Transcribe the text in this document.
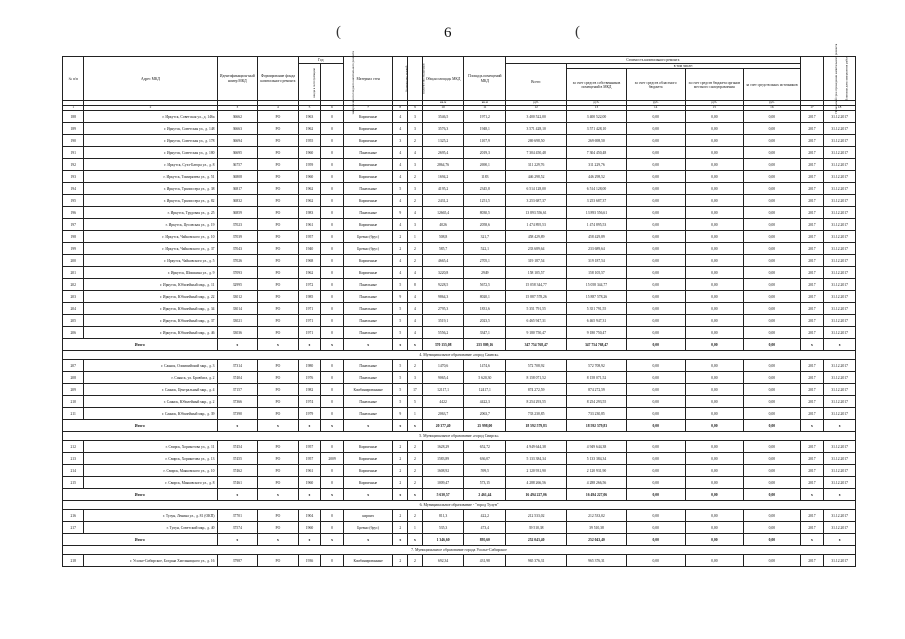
(	6	(
№ п/п	Адрес МКД	Идентификацион-ный номер МКД	Формирование фонда капитального ремонта	Год		Материал стен	Количество этажей	Количество подъездов	Общая площадь МКД	Площадь помещений МКД	Стоимость капитального ремонта					Начальный срок проведения капитального ремонта	Плановая дата завершения работ
				ввода в эксплуатацию	завершения последнего капитального ремонта						Всего:	в том числе:					
												за счет средств собственников помещений в МКД	за счет средств областного бюджета	за счет средств бюджета органов местного самоуправления	за счет средств иных источников		
									кв.м	кв.м	руб.	руб.	руб.	руб.	руб.		
1	2	3	4	5	6	7	8	9	10	11	12	13	14	15	16	17	18
188	г. Иркутск, Советская ул., д. 146а	36662	РО	1963	0	Кирпичные	4	3	3546,5	1971,2	3 400 522,00	3 400 522,00	0,00	0,00	0,00	2017	31.12.2017
189	г. Иркутск, Советская ул., д. 148	36663	РО	1962	0	Кирпичные	4	3	3576,3	1948,1	3 571 428,10	3 571 428,10	0,00	0,00	0,00	2017	31.12.2017
190	г. Иркутск, Советская ул., д. 178	36694	РО	1955	0	Кирпичные	3	2	1325,2	1107,9	269 698,50	269 698,50	0,00	0,00	0,00	2017	31.12.2017
191	г. Иркутск, Советская ул., д. 180	36695	РО	1960	0	Панельные	4	4	2695,4	2019,3	7 304 450,48	7 304 450,48	0,00	0,00	0,00	2017	31.12.2017
192	г. Иркутск, Сухэ-Батора ул., д. 8	36757	РО	1959	0	Кирпичные	4	3	2864,76	2690,1	311 229,76	311 229,76	0,00	0,00	0,00	2017	31.12.2017
193	г. Иркутск, Тимирязева ул., д. 51	36808	РО	1960	0	Кирпичные	4	2	1694,2	1183	446 298,52	446 298,52	0,00	0,00	0,00	2017	31.12.2017
194	г. Иркутск, Трилиссера ул., д. 38	36817	РО	1962	0	Панельные	5	3	4195,2	2345,8	6 514 128,00	6 514 128,00	0,00	0,00	0,00	2017	31.12.2017
195	г. Иркутск, Трилиссера ул., д. 82	36832	РО	1962	0	Кирпичные	4	2	2431,2	1251,5	3 253 687,37	3 253 687,37	0,00	0,00	0,00	2017	31.12.2017
196	г. Иркутск, Трудовая ул., д. 25	36859	РО	1983	0	Панельные	9	4	12665,4	8030,5	13 893 556,61	13 893 556,61	0,00	0,00	0,00	2017	31.12.2017
197	г. Иркутск, Цесовская ул., д. 19	37023	РО	1961	0	Кирпичные	4	3	4026	2058,6	1 474 895,53	1 474 895,53	0,00	0,00	0,00	2017	31.12.2017
198	г. Иркутск, Чайковского ул., д. 10	37039	РО	1957	0	Бревно (брус)	2	1	508,8	321,7	458 429,89	458 429,89	0,00	0,00	0,00	2017	31.12.2017
199	г. Иркутск, Чайковского ул., д. 37	37043	РО	1940	0	Бревно (брус)	2	2	585,7	522,1	233 689,64	233 689,64	0,00	0,00	0,00	2017	31.12.2017
200	г. Иркутск, Чайковского ул., д. 5	37026	РО	1968	0	Кирпичные	4	2	4665,4	2705,1	319 187,54	319 187,54	0,00	0,00	0,00	2017	31.12.2017
201	г. Иркутск, Шишкина ул., д. 9	37093	РО	1962	0	Кирпичные	4	4	3220,8	2949	158 105,57	158 105,57	0,00	0,00	0,00	2017	31.12.2017
202	г. Иркутск, Юбилейный мкр., д. 11	32995	РО	1972	0	Панельные	5	8	9228,5	5672,5	15 058 344,77	15 058 344,77	0,00	0,00	0,00	2017	31.12.2017
203	г. Иркутск, Юбилейный мкр., д. 22	33012	РО	1985	0	Панельные	9	4	9864,3	8020,1	15 887 578,26	15 887 578,26	0,00	0,00	0,00	2017	31.12.2017
204	г. Иркутск, Юбилейный мкр., д. 34	33014	РО	1971	0	Панельные	5	4	2795,3	1831,6	5 351 791,55	5 351 791,55	0,00	0,00	0,00	2017	31.12.2017
205	г. Иркутск, Юбилейный мкр., д. 37	33021	РО	1971	0	Панельные	5	4	3519,1	2023,5	6 465 947,31	6 465 947,31	0,00	0,00	0,00	2017	31.12.2017
206	г. Иркутск, Юбилейный мкр., д. 46	33036	РО	1971	0	Панельные	5	4	5556,2	3347,1	9 180 750,47	9 180 750,47	0,00	0,00	0,00	2017	31.12.2017
Итого		x	x	x	x	x	x	x	370 155,08	255 809,16	347 754 768,47	347 754 768,47	0,00	0,00	0,00	x	x
4. Муниципальное образование «город Саянск»																	
207	г. Саянск, Олимпийский мкр., д. 3	37314	РО	1980	0	Панельные	5	2	1470,6	1474,6	572 708,92	572 708,92	0,00	0,00	0,00	2017	31.12.2017
208	г. Саянск, ул. Бровбята, д. 2	37404	РО	1976	0	Панельные	5	3	9065,4	5 620,30	8 158 071,52	8 158 071,52	0,00	0,00	0,00	2017	31.12.2017
209	г. Саянск, Центральный мкр., д. 4	37157	РО	1982	0	Комбинированные	5	17	12117,1	12417,1	874 272,59	874 272,59	0,00	0,00	0,00	2017	31.12.2017
210	г. Саянск, Юбилейный мкр., д. 2	37366	РО	1974	0	Панельные	5	5	4422	4422,3	8 254 293,55	8 254 293,55	0,00	0,00	0,00	2017	31.12.2017
211	г. Саянск, Юбилейный мкр., д. 39	37390	РО	1979	0	Панельные	9	1	2063,7	2063,7	733 230,85	733 230,85	0,00	0,00	0,00	2017	31.12.2017
Итого		x	x	x	x	x	x	x	20 377,40	25 998,00	18 592 579,83	18 592 579,83	0,00	0,00	0,00	x	x
5. Муниципальное образование «город Свирск»																	
212	г. Свирск, Хорикотова ул., д. 11	37454	РО	1957	0	Кирпичные	2	2	1628,29	652,72	4 949 644,38	4 949 644,38	0,00	0,00	0,00	2017	31.12.2017
213	г. Свирск, Хорикотова ул., д. 13	37455	РО	1957	2009	Кирпичные	2	2	1583,89	636,07	5 133 384,34	5 133 384,34	0,00	0,00	0,00	2017	31.12.2017
214	г. Свирск, Маяковского ул., д. 10	37462	РО	1961	0	Кирпичные	2	2	1608,92	599,5	2 120 931,90	2 120 931,90	0,00	0,00	0,00	2017	31.12.2017
215	г. Свирск, Маяковского ул., д. 8	37461	РО	1960	0	Кирпичные	2	2	1009,47	573,15	4 288 266,56	4 288 266,56	0,00	0,00	0,00	2017	31.12.2017
Итого		x	x	x	x	x	x	x	5 630,57	2 461,44	16 494 227,06	16 494 227,06	0,00	0,00	0,00	x	x
6. Муниципальное образование - "город Тулун"																	
216	г. Тулун, Ленина ул., д. 81 (ОКП)	37701	РО	1904	0	кирпич	2	2	811,3	422,2	212 533,02	212 533,02	0,00	0,00	0,00	2017	31.12.2017
217	г. Тулун, Советский мкр., д. 40	37574	РО	1960	0	Бревно (брус)	2	1	535,3	473,4	39 510,38	39 510,38	0,00	0,00	0,00	2017	31.12.2017
Итого		x	x	x	x	x	x	x	1 346,60	895,60	252 043,40	252 043,40	0,00	0,00	0,00	x	x
7. Муниципальное образование города Усолье-Сибирское																	
218	г. Усолье-Сибирское, Богдана Хмельницкого ул., д. 16	37987	РО	1936	0	Комбинированные	2	2	692,34	431,98	965 376,31	965 376,31	0,00	0,00	0,00	2017	31.12.2017
